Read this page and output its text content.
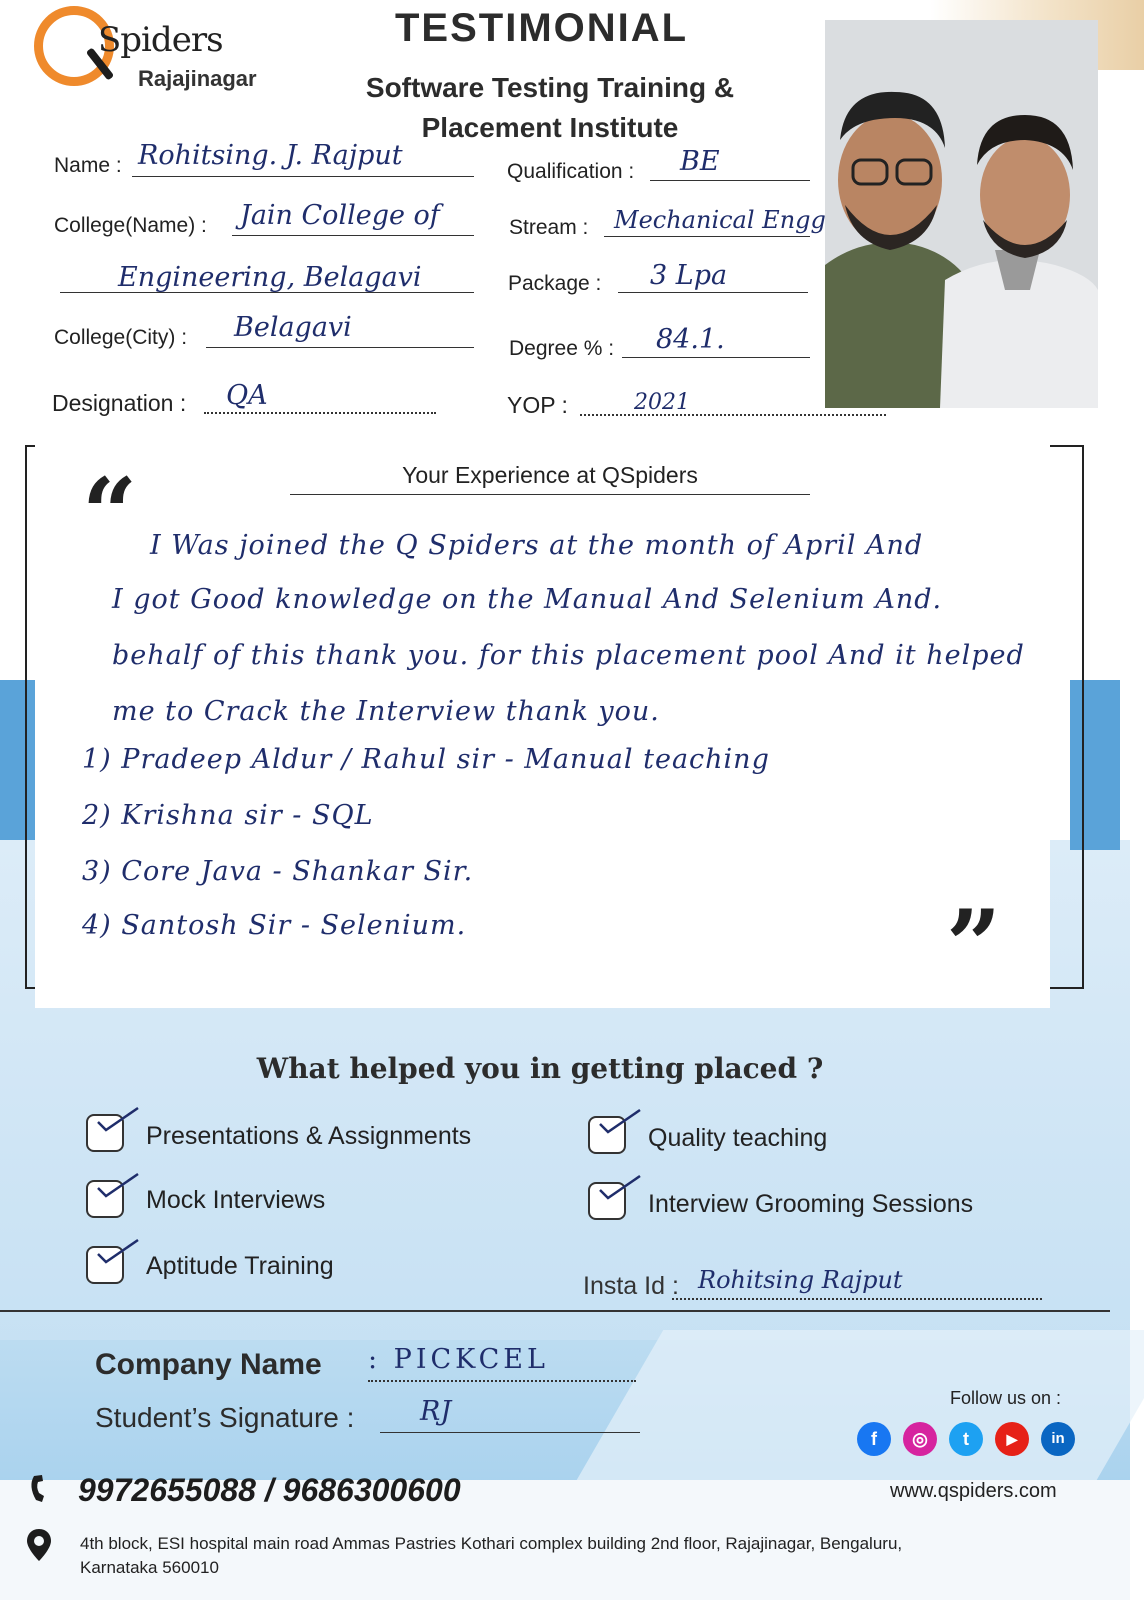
Spiders
Rajajinagar
TESTIMONIAL
Software Testing Training & Placement Institute
Name : Rohitsing. J. Rajput
College(Name) : Jain College of
Engineering, Belagavi
College(City) : Belagavi
Designation : QA
Qualification : BE
Stream : Mechanical Engg
Package : 3 Lpa
Degree % : 84.1.
YOP :	2021
“
”
Your Experience at QSpiders
I Was joined the Q Spiders at the month of April And
I got Good knowledge on the Manual And Selenium And.
behalf of this thank you. for this placement pool And it helped
me to Crack the Interview thank you.
1) Pradeep Aldur / Rahul sir - Manual teaching
2) Krishna sir - SQL
3) Core Java - Shankar Sir.
4) Santosh Sir - Selenium.
What helped you in getting placed ?
Presentations & Assignments
Mock Interviews
Aptitude Training
Quality teaching
Interview Grooming Sessions
Insta Id : Rohitsing Rajput
Company Name : PICKCEL
Student’s Signature : RJ	Follow us on :
f	◎	t	▶	in
9972655088 / 9686300600	www.qspiders.com
4th block, ESI hospital main road Ammas Pastries Kothari complex building 2nd floor, Rajajinagar, Bengaluru, Karnataka 560010
